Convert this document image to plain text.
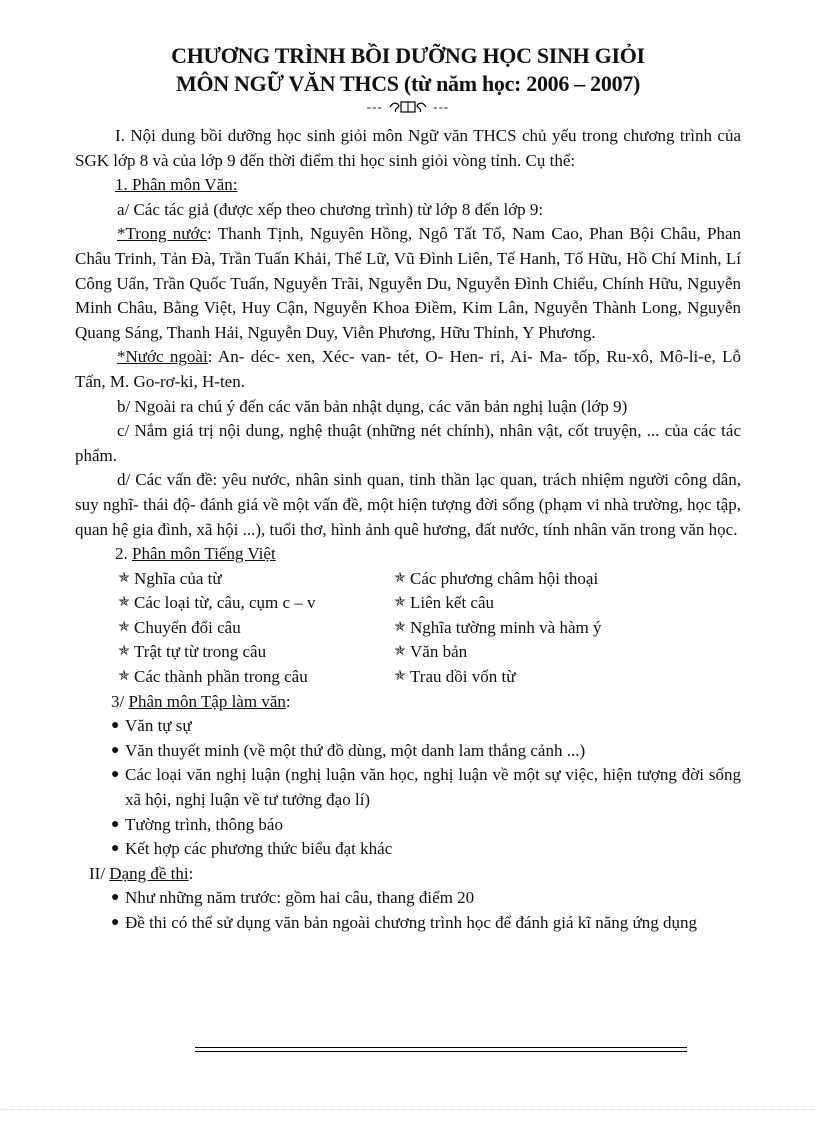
CHƯƠNG TRÌNH BỒI DƯỠNG HỌC SINH GIỎI
MÔN NGỮ VĂN THCS (từ năm học: 2006 – 2007)
---	---

I. Nội dung bồi dưỡng học sinh giỏi môn Ngữ văn THCS chủ yếu trong chương trình của SGK lớp 8 và của lớp 9 đến thời điểm thi học sinh giỏi vòng tỉnh. Cụ thể:

1. Phân môn Văn:

a/ Các tác giả (được xếp theo chương trình) từ lớp 8 đến lớp 9:

*Trong nước: Thanh Tịnh, Nguyên Hồng, Ngô Tất Tố, Nam Cao, Phan Bội Châu, Phan Châu Trinh, Tản Đà, Trần Tuấn Khải, Thế Lữ, Vũ Đình Liên, Tế Hanh, Tố Hữu, Hồ Chí Minh, Lí Công Uẩn, Trần Quốc Tuấn, Nguyễn Trãi, Nguyễn Du, Nguyễn Đình Chiểu, Chính Hữu, Nguyễn Minh Châu, Bằng Việt, Huy Cận, Nguyễn Khoa Điềm, Kim Lân, Nguyễn Thành Long, Nguyễn Quang Sáng, Thanh Hải, Nguyễn Duy, Viễn Phương, Hữu Thỉnh, Y Phương.

*Nước ngoài: An- déc- xen, Xéc- van- tét, O- Hen- ri, Ai- Ma- tốp, Ru-xô, Mô-li-e, Lỗ Tấn, M. Go-rơ-ki, H-ten.

b/ Ngoài ra chú ý đến các văn bản nhật dụng, các văn bản nghị luận (lớp 9)

c/ Nắm giá trị nội dung, nghệ thuật (những nét chính), nhân vật, cốt truyện, ... của các tác phẩm.

d/ Các vấn đề: yêu nước, nhân sinh quan, tinh thần lạc quan, trách nhiệm người công dân, suy nghĩ- thái độ- đánh giá về một vấn đề, một hiện tượng đời sống (phạm vi nhà trường, học tập, quan hệ gia đình, xã hội ...), tuổi thơ, hình ảnh quê hương, đất nước, tính nhân văn trong văn học.

2. Phân môn Tiếng Việt

✯ Nghĩa của từ	✯ Các phương châm hội thoại
✯ Các loại từ, câu, cụm c – v	✯ Liên kết câu
✯ Chuyển đổi câu	✯ Nghĩa tường minh và hàm ý
✯ Trật tự từ trong câu	✯ Văn bản
✯ Các thành phần trong câu	✯ Trau dồi vốn từ

3/ Phân môn Tập làm văn:

● Văn tự sự
● Văn thuyết minh (về một thứ đồ dùng, một danh lam thắng cảnh ...)
● Các loại văn nghị luận (nghị luận văn học, nghị luận về một sự việc, hiện tượng đời sống xã hội, nghị luận về tư tưởng đạo lí)
● Tường trình, thông báo
● Kết hợp các phương thức biểu đạt khác

II/ Dạng đề thi:

● Như những năm trước: gồm hai câu, thang điểm 20
● Đề thi có thể sử dụng văn bản ngoài chương trình học để đánh giá kĩ năng ứng dụng
